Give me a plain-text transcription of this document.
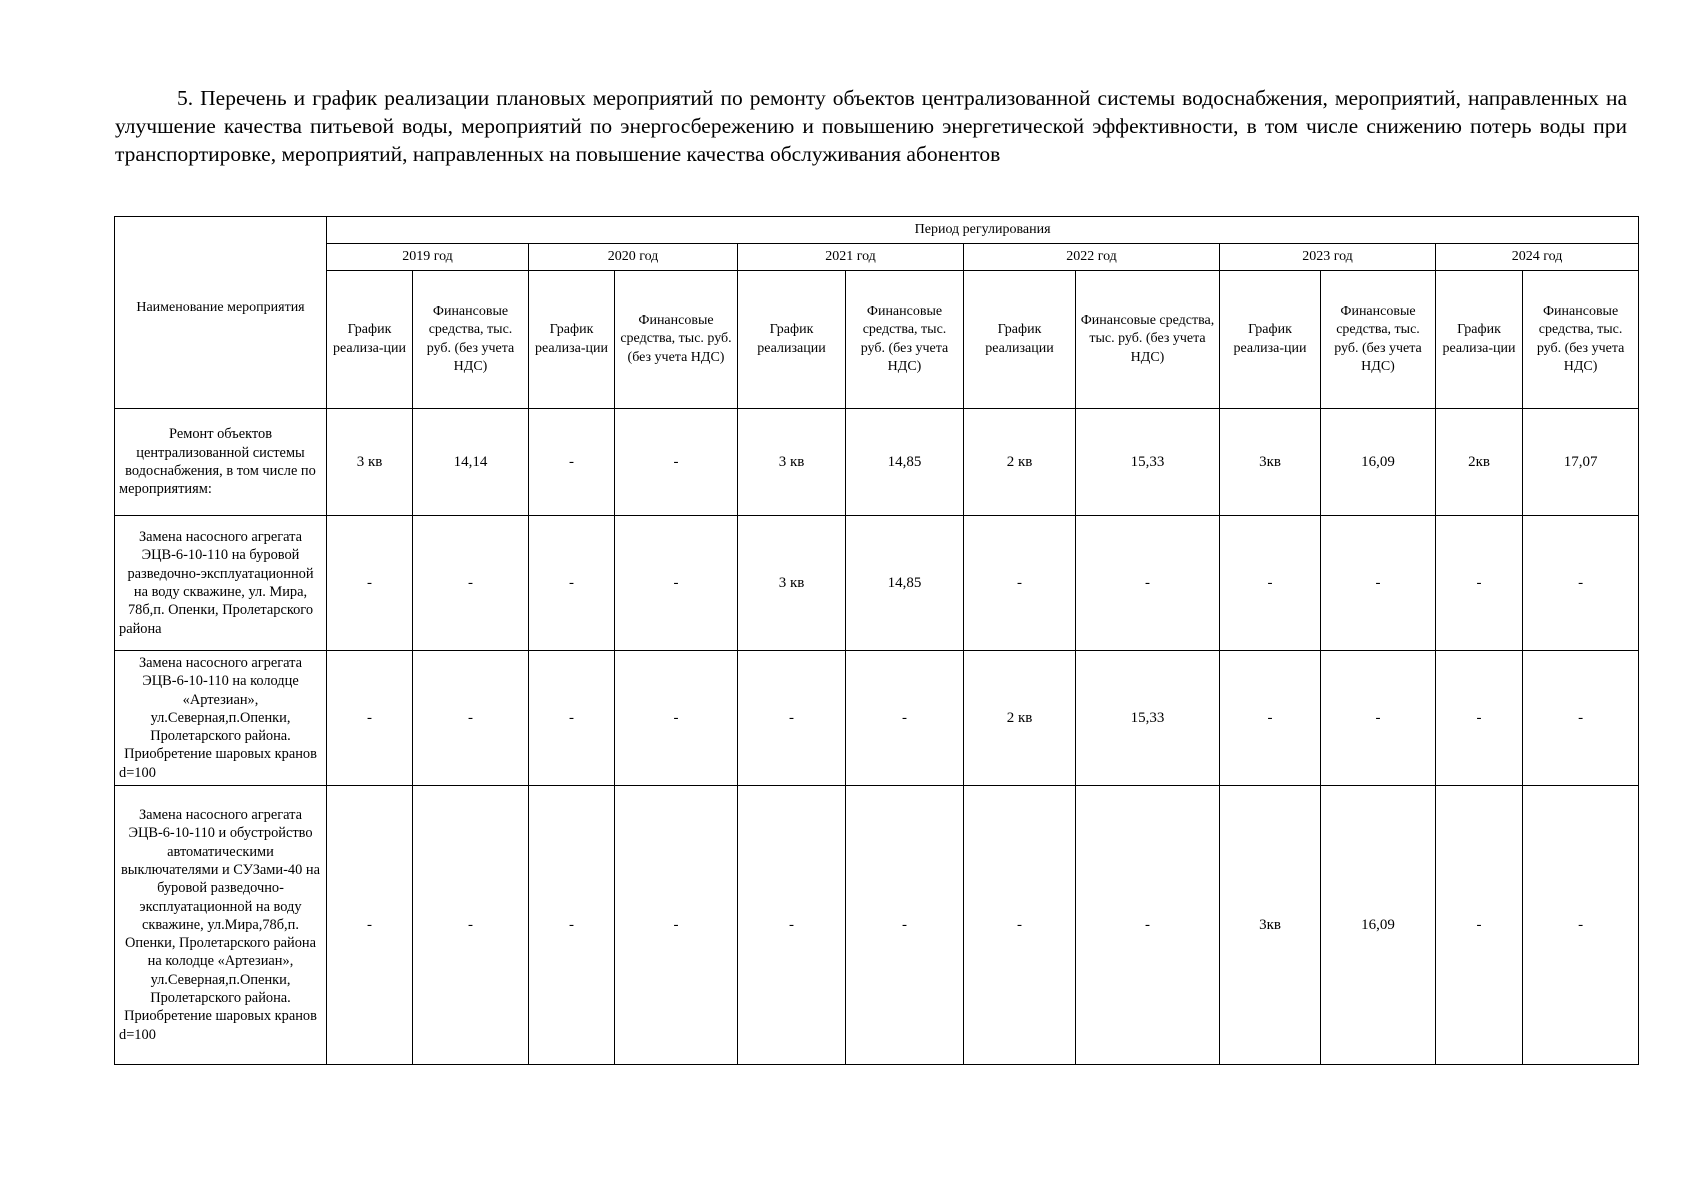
5. Перечень и график реализации плановых мероприятий по ремонту объектов централизованной системы водоснабжения, мероприятий, направленных на улучшение качества питьевой воды, мероприятий по энергосбережению и повышению энергетической эффективности, в том числе снижению потерь воды при транспортировке, мероприятий, направленных на повышение качества обслуживания абонентов
Наименование мероприятия	Период регулирования											
	2019 год		2020 год		2021 год		2022 год		2023 год		2024 год	
	График реализа-ции	Финансовые средства, тыс. руб. (без учета НДС)	График реализа-ции	Финансовые средства, тыс. руб. (без учета НДС)	График реализации	Финансовые средства, тыс. руб. (без учета НДС)	График реализации	Финансовые средства, тыс. руб. (без учета НДС)	График реализа-ции	Финансовые средства, тыс. руб. (без учета НДС)	График реализа-ции	Финансовые средства, тыс. руб. (без учета НДС)
Ремонт объектов централизованной системы водоснабжения, в том числе по мероприятиям:	3 кв	14,14	-	-	3 кв	14,85	2 кв	15,33	3кв	16,09	2кв	17,07
Замена насосного агрегата ЭЦВ-6-10-110 на буровой разведочно-эксплуатационной на воду скважине, ул. Мира, 78б,п. Опенки, Пролетарского района	-	-	-	-	3 кв	14,85	-	-	-	-	-	-
Замена насосного агрегата ЭЦВ-6-10-110 на колодце «Артезиан», ул.Северная,п.Опенки, Пролетарского района. Приобретение шаровых кранов d=100	-	-	-	-	-	-	2 кв	15,33	-	-	-	-
Замена насосного агрегата ЭЦВ-6-10-110 и обустройство автоматическими выключателями и СУЗами-40 на буровой разведочно-эксплуатационной на воду скважине, ул.Мира,78б,п. Опенки, Пролетарского района на колодце «Артезиан», ул.Северная,п.Опенки, Пролетарского района. Приобретение шаровых кранов d=100	-	-	-	-	-	-	-	-	3кв	16,09	-	-
